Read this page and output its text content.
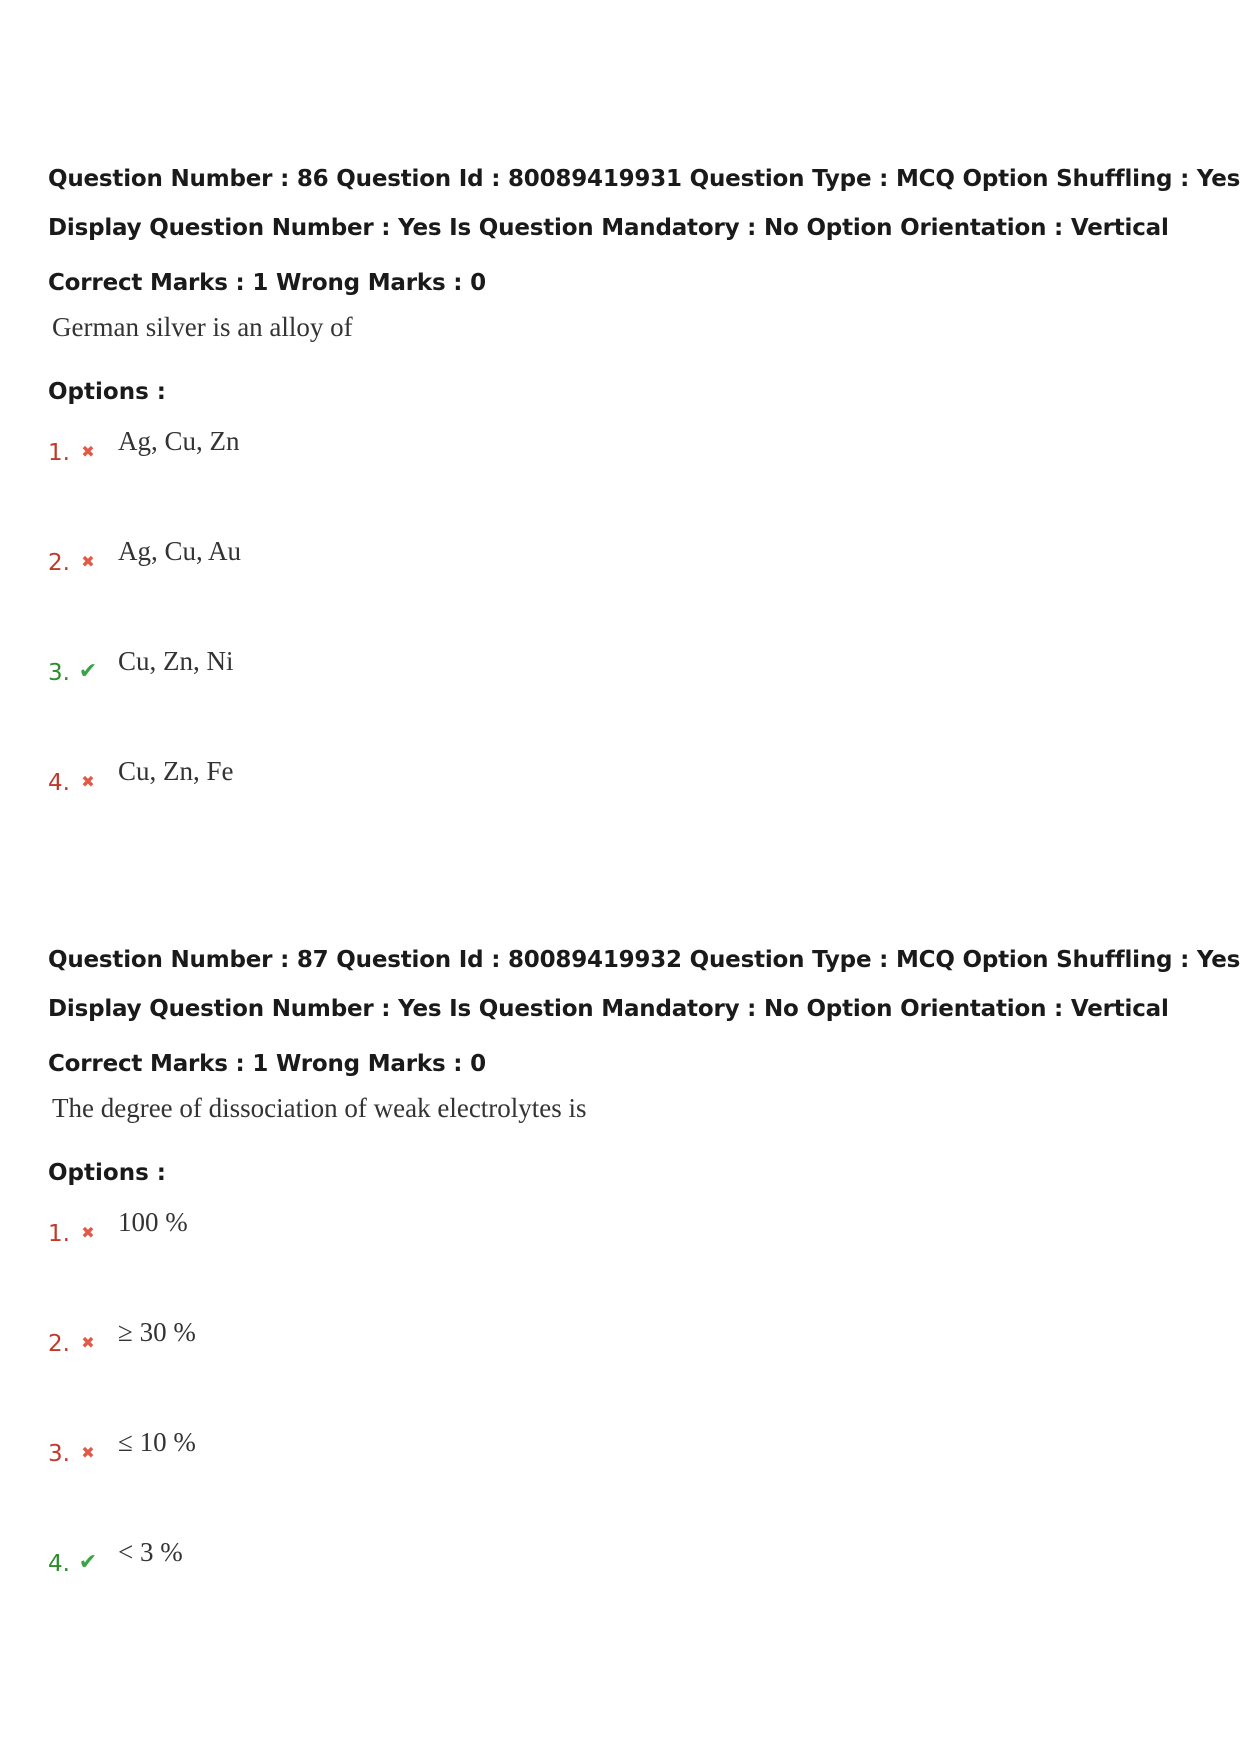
Question Number : 86 Question Id : 80089419931 Question Type : MCQ Option Shuffling : Yes
Display Question Number : Yes Is Question Mandatory : No Option Orientation : Vertical
Correct Marks : 1 Wrong Marks : 0
German silver is an alloy of
Options :
1. ✖ Ag, Cu, Zn
2. ✖ Ag, Cu, Au
3. ✔ Cu, Zn, Ni
4. ✖ Cu, Zn, Fe
Question Number : 87 Question Id : 80089419932 Question Type : MCQ Option Shuffling : Yes
Display Question Number : Yes Is Question Mandatory : No Option Orientation : Vertical
Correct Marks : 1 Wrong Marks : 0
The degree of dissociation of weak electrolytes is
Options :
1. ✖ 100 %
2. ✖ ≥ 30 %
3. ✖ ≤ 10 %
4. ✔ < 3 %
